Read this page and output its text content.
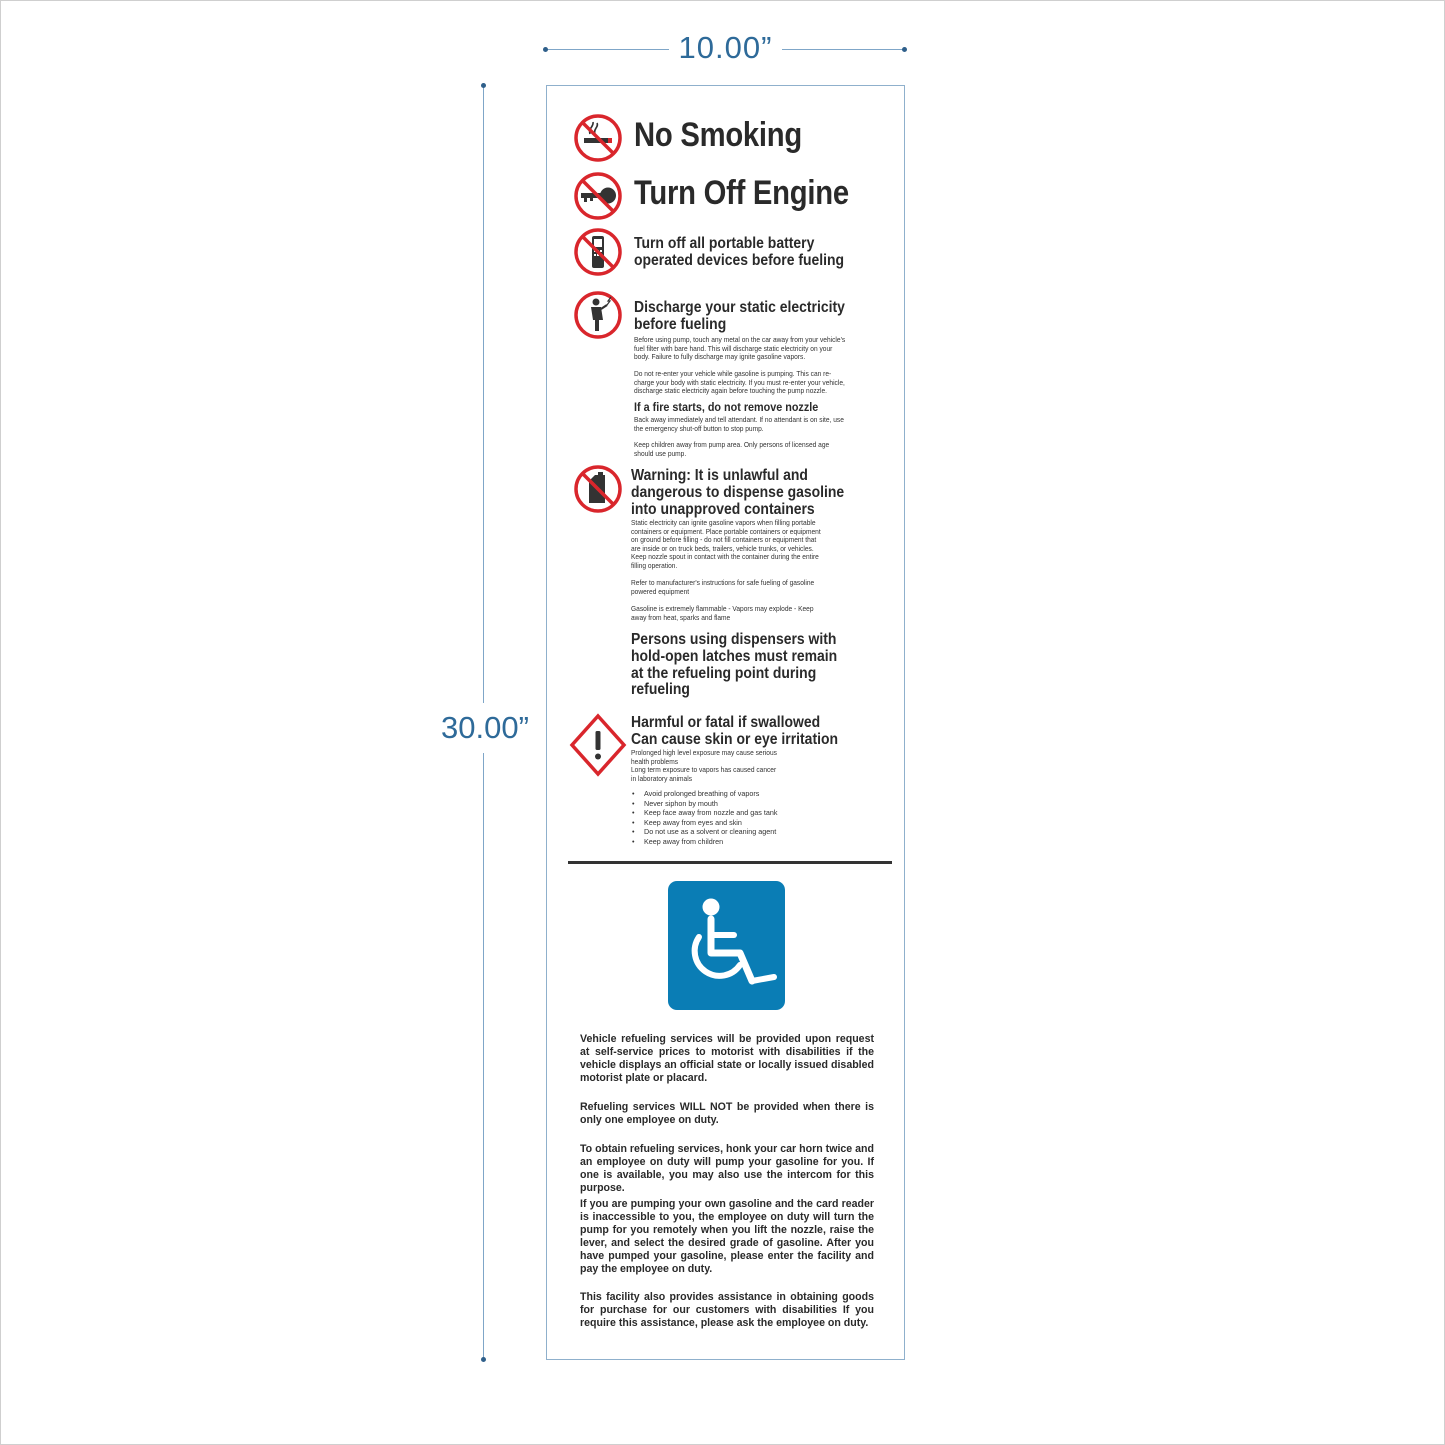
10.00”
30.00”
No Smoking
Turn Off Engine
Turn off all portable battery
operated devices before fueling
Discharge your static electricity
before fueling

Before using pump, touch any metal on the car away from your vehicle's
fuel filter with bare hand. This will discharge static electricity on your
body. Failure to fully discharge may ignite gasoline vapors.

Do not re-enter your vehicle while gasoline is pumping. This can re-
charge your body with static electricity. If you must re-enter your vehicle,
discharge static electricity again before touching the pump nozzle.

If a fire starts, do not remove nozzle

Back away immediately and tell attendant. If no attendant is on site, use
the emergency shut-off button to stop pump.

Keep children away from pump area. Only persons of licensed age
should use pump.

Warning: It is unlawful and
dangerous to dispense gasoline
into unapproved containers

Static electricity can ignite gasoline vapors when filling portable
containers or equipment. Place portable containers or equipment
on ground before filling - do not fill containers or equipment that
are inside or on truck beds, trailers, vehicle trunks, or vehicles.
Keep nozzle spout in contact with the container during the entire
filling operation.

Refer to manufacturer's instructions for safe fueling of gasoline
powered equipment

Gasoline is extremely flammable - Vapors may explode - Keep
away from heat, sparks and flame

Persons using dispensers with
hold-open latches must remain
at the refueling point during
refueling
Harmful or fatal if swallowed
Can cause skin or eye irritation

Prolonged high level exposure may cause serious
health problems
Long term exposure to vapors has caused cancer
in laboratory animals

• Avoid prolonged breathing of vapors
• Never siphon by mouth
• Keep face away from nozzle and gas tank
• Keep away from eyes and skin
• Do not use as a solvent or cleaning agent
• Keep away from children

Vehicle refueling services will be provided upon request at self-service prices to motorist with disabilities if the vehicle displays an official state or locally issued disabled motorist plate or placard.

Refueling services WILL NOT be provided when there is only one employee on duty.

To obtain refueling services, honk your car horn twice and an employee on duty will pump your gasoline for you. If one is available, you may also use the intercom for this purpose.

If you are pumping your own gasoline and the card reader is inaccessible to you, the employee on duty will turn the pump for you remotely when you lift the nozzle, raise the lever, and select the desired grade of gasoline. After you have pumped your gasoline, please enter the facility and pay the employee on duty.

This facility also provides assistance in obtaining goods for purchase for our customers with disabilities If you require this assistance, please ask the employee on duty.
